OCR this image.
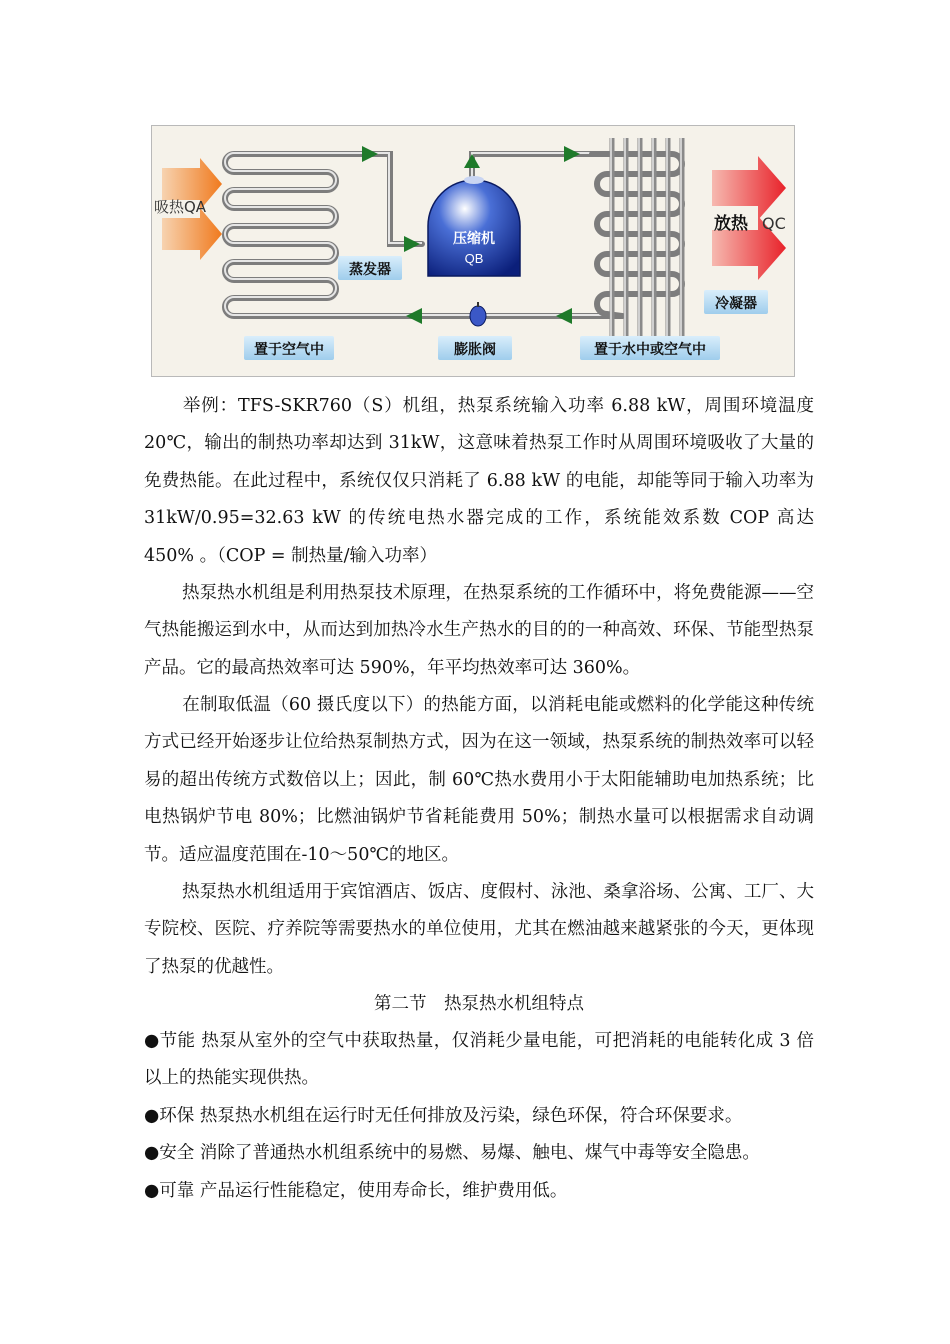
压缩机
QB
吸热QA
蒸发器
放热 QC
冷凝器
置于空气中	膨胀阀	置于水中或空气中
举例：TFS-SKR760（S）机组，热泵系统输入功率 6.88 kW，周围环境温度 20℃，输出的制热功率却达到 31kW，这意味着热泵工作时从周围环境吸收了大量的免费热能。在此过程中，系统仅仅只消耗了 6.88 kW 的电能，却能等同于输入功率为 31kW/0.95=32.63 kW 的传统电热水器完成的工作，系统能效系数 COP 高达 450% 。（COP = 制热量/输入功率）
热泵热水机组是利用热泵技术原理，在热泵系统的工作循环中，将免费能源——空气热能搬运到水中，从而达到加热冷水生产热水的目的的一种高效、环保、节能型热泵产品。它的最高热效率可达 590%，年平均热效率可达 360%。
在制取低温（60 摄氏度以下）的热能方面，以消耗电能或燃料的化学能这种传统方式已经开始逐步让位给热泵制热方式，因为在这一领域，热泵系统的制热效率可以轻易的超出传统方式数倍以上；因此，制 60℃热水费用小于太阳能辅助电加热系统；比电热锅炉节电 80%；比燃油锅炉节省耗能费用 50%；制热水量可以根据需求自动调节。适应温度范围在-10～50℃的地区。
热泵热水机组适用于宾馆酒店、饭店、度假村、泳池、桑拿浴场、公寓、工厂、大专院校、医院、疗养院等需要热水的单位使用，尤其在燃油越来越紧张的今天，更体现了热泵的优越性。
第二节　热泵热水机组特点
●节能 热泵从室外的空气中获取热量，仅消耗少量电能，可把消耗的电能转化成 3 倍以上的热能实现供热。
●环保 热泵热水机组在运行时无任何排放及污染，绿色环保，符合环保要求。
●安全 消除了普通热水机组系统中的易燃、易爆、触电、煤气中毒等安全隐患。
●可靠 产品运行性能稳定，使用寿命长，维护费用低。
